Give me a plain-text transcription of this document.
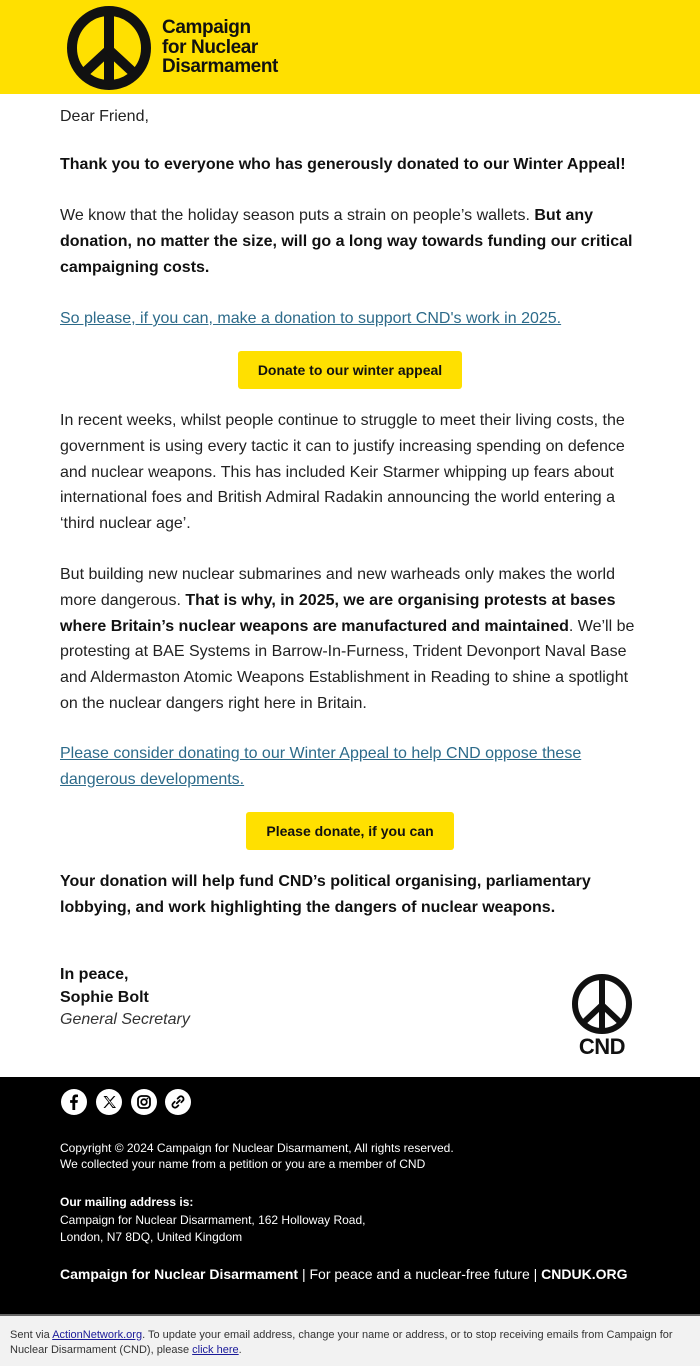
Campaign
for Nuclear
Disarmament
Dear Friend,
Thank you to everyone who has generously donated to our Winter Appeal!
We know that the holiday season puts a strain on people’s wallets. But any donation, no matter the size, will go a long way towards funding our critical campaigning costs.
So please, if you can, make a donation to support CND's work in 2025.
In recent weeks, whilst people continue to struggle to meet their living costs, the government is using every tactic it can to justify increasing spending on defence and nuclear weapons. This has included Keir Starmer whipping up fears about international foes and British Admiral Radakin announcing the world entering a ‘third nuclear age’.
But building new nuclear submarines and new warheads only makes the world more dangerous. That is why, in 2025, we are organising protests at bases where Britain’s nuclear weapons are manufactured and maintained. We’ll be protesting at BAE Systems in Barrow-In-Furness, Trident Devonport Naval Base and Aldermaston Atomic Weapons Establishment in Reading to shine a spotlight on the nuclear dangers right here in Britain.
Please consider donating to our Winter Appeal to help CND oppose these dangerous developments.
Your donation will help fund CND’s political organising, parliamentary lobbying, and work highlighting the dangers of nuclear weapons.
Donate to our winter appeal
Please donate, if you can
In peace,
Sophie Bolt
General Secretary
CND
Copyright © 2024 Campaign for Nuclear Disarmament, All rights reserved.
We collected your name from a petition or you are a member of CND
Our mailing address is:
Campaign for Nuclear Disarmament, 162 Holloway Road,
London, N7 8DQ, United Kingdom
Campaign for Nuclear Disarmament | For peace and a nuclear-free future | CNDUK.ORG
Sent via ActionNetwork.org. To update your email address, change your name or address, or to stop receiving emails from Campaign for Nuclear Disarmament (CND), please click here.
